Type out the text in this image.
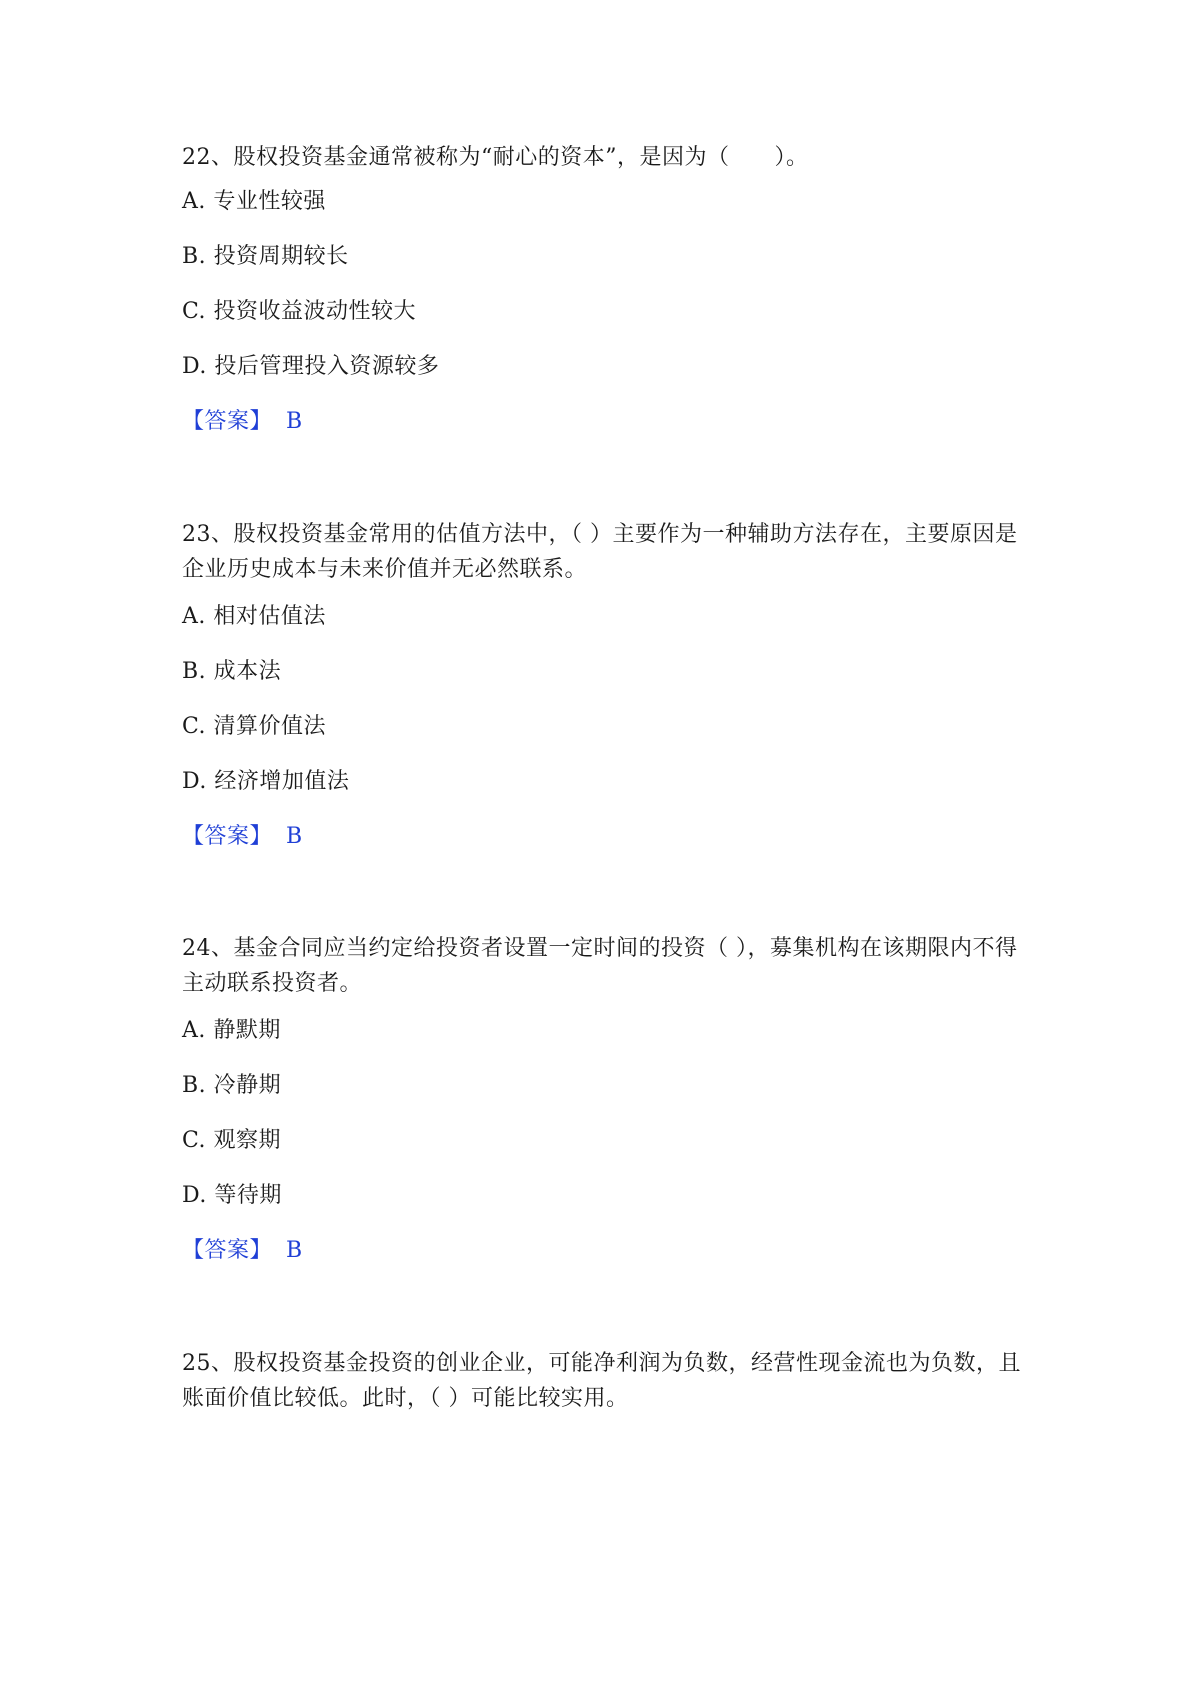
22、股权投资基金通常被称为“耐心的资本”，是因为（　　）。

A. 专业性较强
B. 投资周期较长
C. 投资收益波动性较大
D. 投后管理投入资源较多
【答案】 B

23、股权投资基金常用的估值方法中，（ ）主要作为一种辅助方法存在，主要原因是企业历史成本与未来价值并无必然联系。

A. 相对估值法
B. 成本法
C. 清算价值法
D. 经济增加值法
【答案】 B

24、基金合同应当约定给投资者设置一定时间的投资（ ），募集机构在该期限内不得主动联系投资者。

A. 静默期
B. 冷静期
C. 观察期
D. 等待期
【答案】 B

25、股权投资基金投资的创业企业，可能净利润为负数，经营性现金流也为负数，且账面价值比较低。此时，（ ）可能比较实用。
